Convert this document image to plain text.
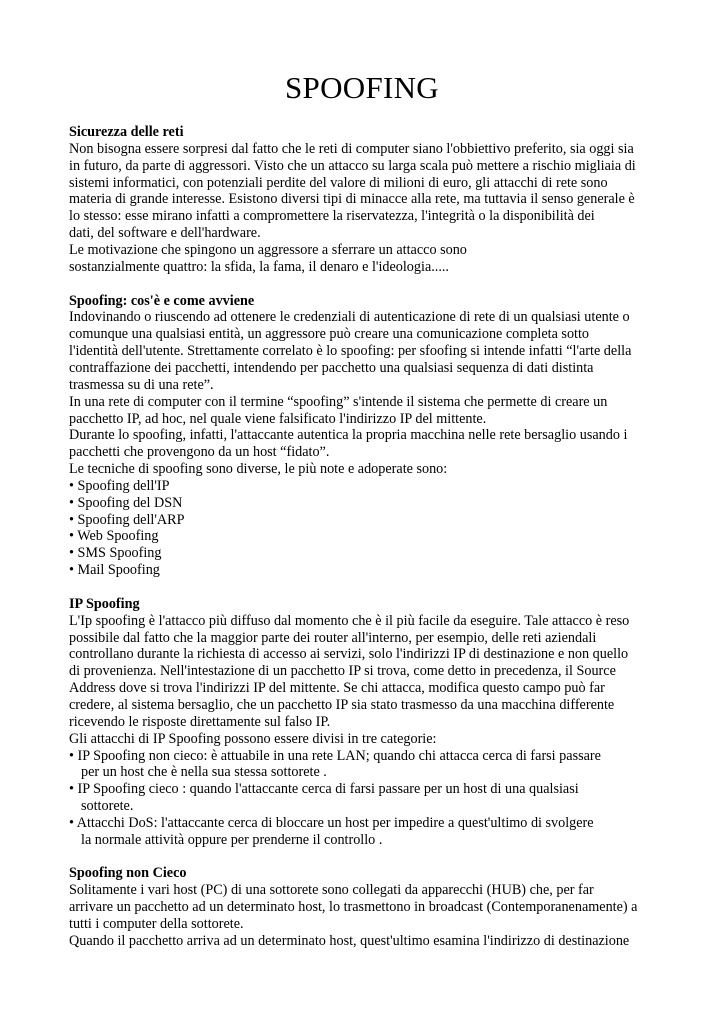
SPOOFING
Sicurezza delle reti
Non bisogna essere sorpresi dal fatto che le reti di computer siano l'obbiettivo preferito, sia oggi sia
in futuro, da parte di aggressori. Visto che un attacco su larga scala può mettere a rischio migliaia di
sistemi informatici, con potenziali perdite del valore di milioni di euro, gli attacchi di rete sono
materia di grande interesse. Esistono diversi tipi di minacce alla rete, ma tuttavia il senso generale è
lo stesso: esse mirano infatti a compromettere la riservatezza, l'integrità o la disponibilità dei
dati, del software e dell'hardware.
Le motivazione che spingono un aggressore a sferrare un attacco sono
sostanzialmente quattro: la sfida, la fama, il denaro e l'ideologia.....
Spoofing: cos'è e come avviene
Indovinando o riuscendo ad ottenere le credenziali di autenticazione di rete di un qualsiasi utente o
comunque una qualsiasi entità, un aggressore può creare una comunicazione completa sotto
l'identità dell'utente. Strettamente correlato è lo spoofing: per sfoofing si intende infatti “l'arte della
contraffazione dei pacchetti, intendendo per pacchetto una qualsiasi sequenza di dati distinta
trasmessa su di una rete”.
In una rete di computer con il termine “spoofing” s'intende il sistema che permette di creare un
pacchetto IP, ad hoc, nel quale viene falsificato l'indirizzo IP del mittente.
Durante lo spoofing, infatti, l'attaccante autentica la propria macchina nelle rete bersaglio usando i
pacchetti che provengono da un host “fidato”.
Le tecniche di spoofing sono diverse, le più note e adoperate sono:
• Spoofing dell'IP
• Spoofing del DSN
• Spoofing dell'ARP
• Web Spoofing
• SMS Spoofing
• Mail Spoofing
IP Spoofing
L'Ip spoofing è l'attacco più diffuso dal momento che è il più facile da eseguire. Tale attacco è reso
possibile dal fatto che la maggior parte dei router all'interno, per esempio, delle reti aziendali
controllano durante la richiesta di accesso ai servizi, solo l'indirizzi IP di destinazione e non quello
di provenienza. Nell'intestazione di un pacchetto IP si trova, come detto in precedenza, il Source
Address dove si trova l'indirizzi IP del mittente. Se chi attacca, modifica questo campo può far
credere, al sistema bersaglio, che un pacchetto IP sia stato trasmesso da una macchina differente
ricevendo le risposte direttamente sul falso IP.
Gli attacchi di IP Spoofing possono essere divisi in tre categorie:
• IP Spoofing non cieco: è attuabile in una rete LAN; quando chi attacca cerca di farsi passare
per un host che è nella sua stessa sottorete .
• IP Spoofing cieco : quando l'attaccante cerca di farsi passare per un host di una qualsiasi
sottorete.
• Attacchi DoS: l'attaccante cerca di bloccare un host per impedire a quest'ultimo di svolgere
la normale attività oppure per prenderne il controllo .
Spoofing non Cieco
Solitamente i vari host (PC) di una sottorete sono collegati da apparecchi (HUB) che, per far
arrivare un pacchetto ad un determinato host, lo trasmettono in broadcast (Contemporanenamente) a
tutti i computer della sottorete.
Quando il pacchetto arriva ad un determinato host, quest'ultimo esamina l'indirizzo di destinazione
